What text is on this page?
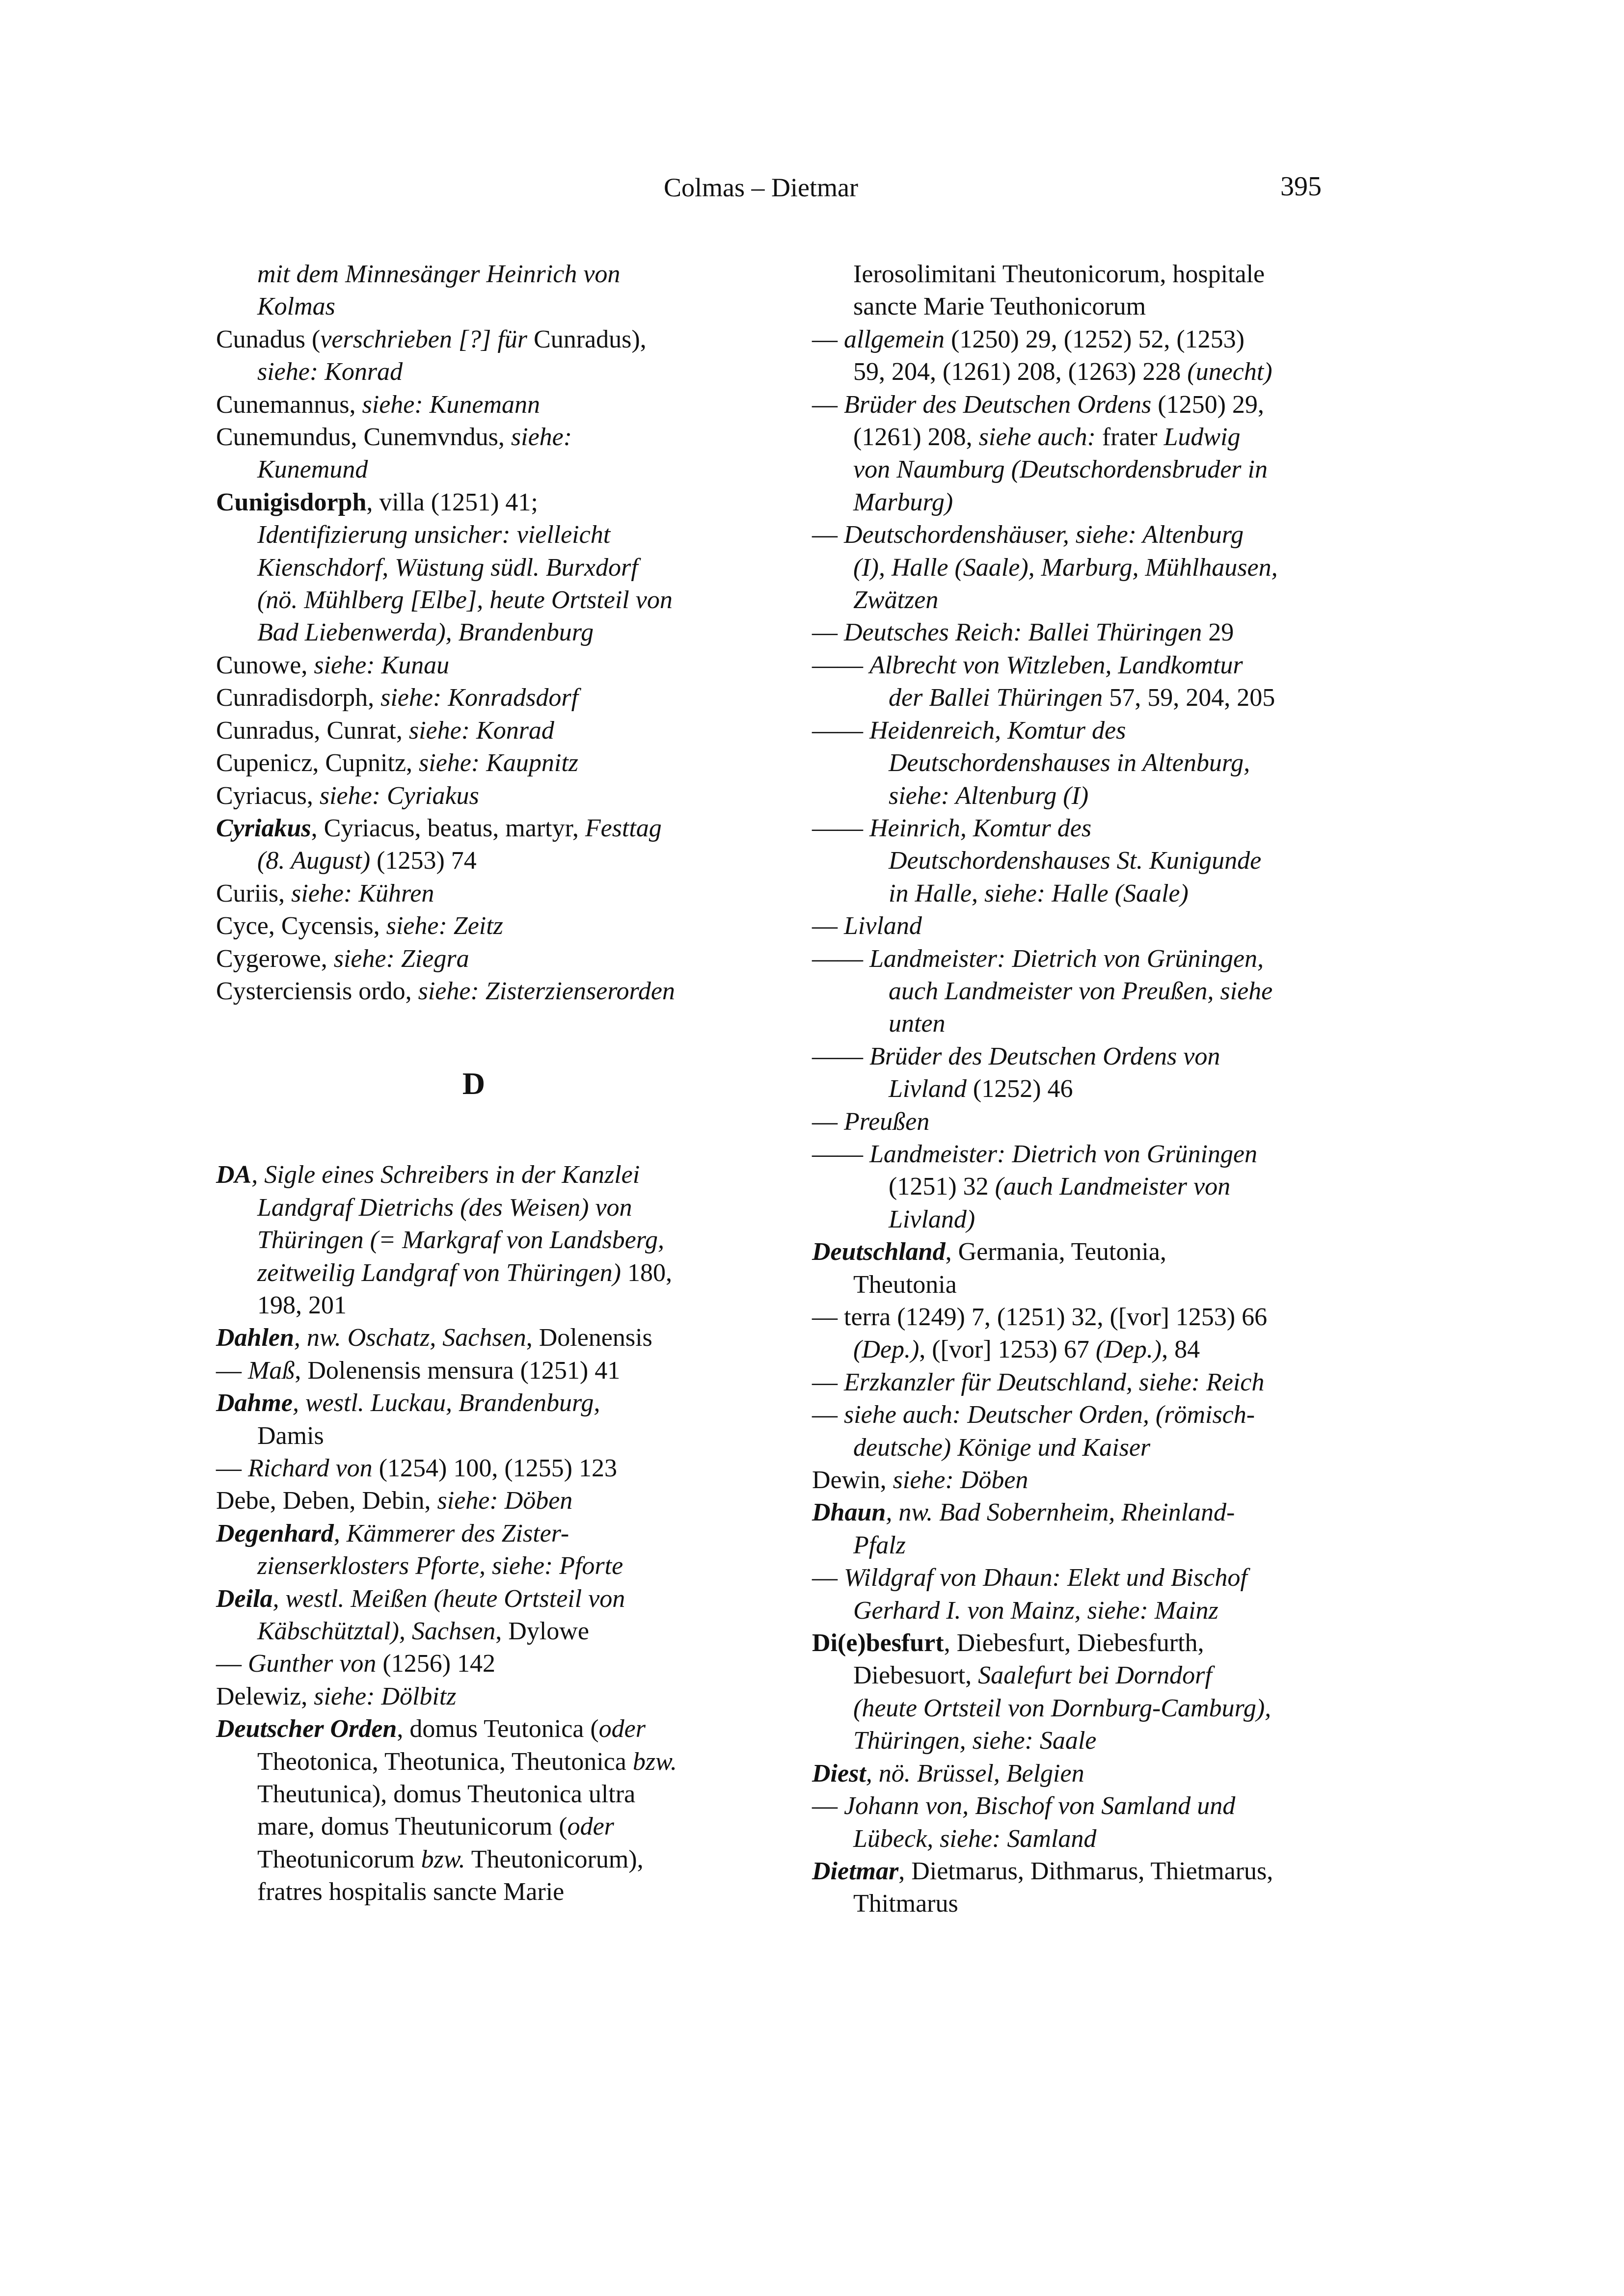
Colmas – Dietmar	395

mit dem Minnesänger Heinrich von

Kolmas

Cunadus (verschrieben [?] für Cunradus),

siehe: Konrad

Cunemannus, siehe: Kunemann

Cunemundus, Cunemvndus, siehe:

Kunemund

Cunigisdorph, villa (1251) 41;

Identifizierung unsicher: vielleicht

Kienschdorf, Wüstung südl. Burxdorf

(nö. Mühlberg [Elbe], heute Ortsteil von

Bad Liebenwerda), Brandenburg

Cunowe, siehe: Kunau

Cunradisdorph, siehe: Konradsdorf

Cunradus, Cunrat, siehe: Konrad

Cupenicz, Cupnitz, siehe: Kaupnitz

Cyriacus, siehe: Cyriakus

Cyriakus, Cyriacus, beatus, martyr, Festtag

(8. August) (1253) 74

Curiis, siehe: Kühren

Cyce, Cycensis, siehe: Zeitz

Cygerowe, siehe: Ziegra

Cysterciensis ordo, siehe: Zisterzienserorden

D

DA, Sigle eines Schreibers in der Kanzlei

Landgraf Dietrichs (des Weisen) von

Thüringen (= Markgraf von Landsberg,

zeitweilig Landgraf von Thüringen) 180,

198, 201

Dahlen, nw. Oschatz, Sachsen, Dolenensis

— Maß, Dolenensis mensura (1251) 41

Dahme, westl. Luckau, Brandenburg,

Damis

— Richard von (1254) 100, (1255) 123

Debe, Deben, Debin, siehe: Döben

Degenhard, Kämmerer des Zister-

zienserklosters Pforte, siehe: Pforte

Deila, westl. Meißen (heute Ortsteil von

Käbschütztal), Sachsen, Dylowe

— Gunther von (1256) 142

Delewiz, siehe: Dölbitz

Deutscher Orden, domus Teutonica (oder

Theotonica, Theotunica, Theutonica bzw.

Theutunica), domus Theutonica ultra

mare, domus Theutunicorum (oder

Theotunicorum bzw. Theutonicorum),

fratres hospitalis sancte Marie

Ierosolimitani Theutonicorum, hospitale

sancte Marie Teuthonicorum

— allgemein (1250) 29, (1252) 52, (1253)

59, 204, (1261) 208, (1263) 228 (unecht)

— Brüder des Deutschen Ordens (1250) 29,

(1261) 208, siehe auch: frater Ludwig

von Naumburg (Deutschordensbruder in

Marburg)

— Deutschordenshäuser, siehe: Altenburg

(I), Halle (Saale), Marburg, Mühlhausen,

Zwätzen

— Deutsches Reich: Ballei Thüringen 29

—— Albrecht von Witzleben, Landkomtur

der Ballei Thüringen 57, 59, 204, 205

—— Heidenreich, Komtur des

Deutschordenshauses in Altenburg,

siehe: Altenburg (I)

—— Heinrich, Komtur des

Deutschordenshauses St. Kunigunde

in Halle, siehe: Halle (Saale)

— Livland

—— Landmeister: Dietrich von Grüningen,

auch Landmeister von Preußen, siehe

unten

—— Brüder des Deutschen Ordens von

Livland (1252) 46

— Preußen

—— Landmeister: Dietrich von Grüningen

(1251) 32 (auch Landmeister von

Livland)

Deutschland, Germania, Teutonia,

Theutonia

— terra (1249) 7, (1251) 32, ([vor] 1253) 66

(Dep.), ([vor] 1253) 67 (Dep.), 84

— Erzkanzler für Deutschland, siehe: Reich

— siehe auch: Deutscher Orden, (römisch-

deutsche) Könige und Kaiser

Dewin, siehe: Döben

Dhaun, nw. Bad Sobernheim, Rheinland-

Pfalz

— Wildgraf von Dhaun: Elekt und Bischof

Gerhard I. von Mainz, siehe: Mainz

Di(e)besfurt, Diebesfurt, Diebesfurth,

Diebesuort, Saalefurt bei Dorndorf

(heute Ortsteil von Dornburg-Camburg),

Thüringen, siehe: Saale

Diest, nö. Brüssel, Belgien

— Johann von, Bischof von Samland und

Lübeck, siehe: Samland

Dietmar, Dietmarus, Dithmarus, Thietmarus,

Thitmarus
